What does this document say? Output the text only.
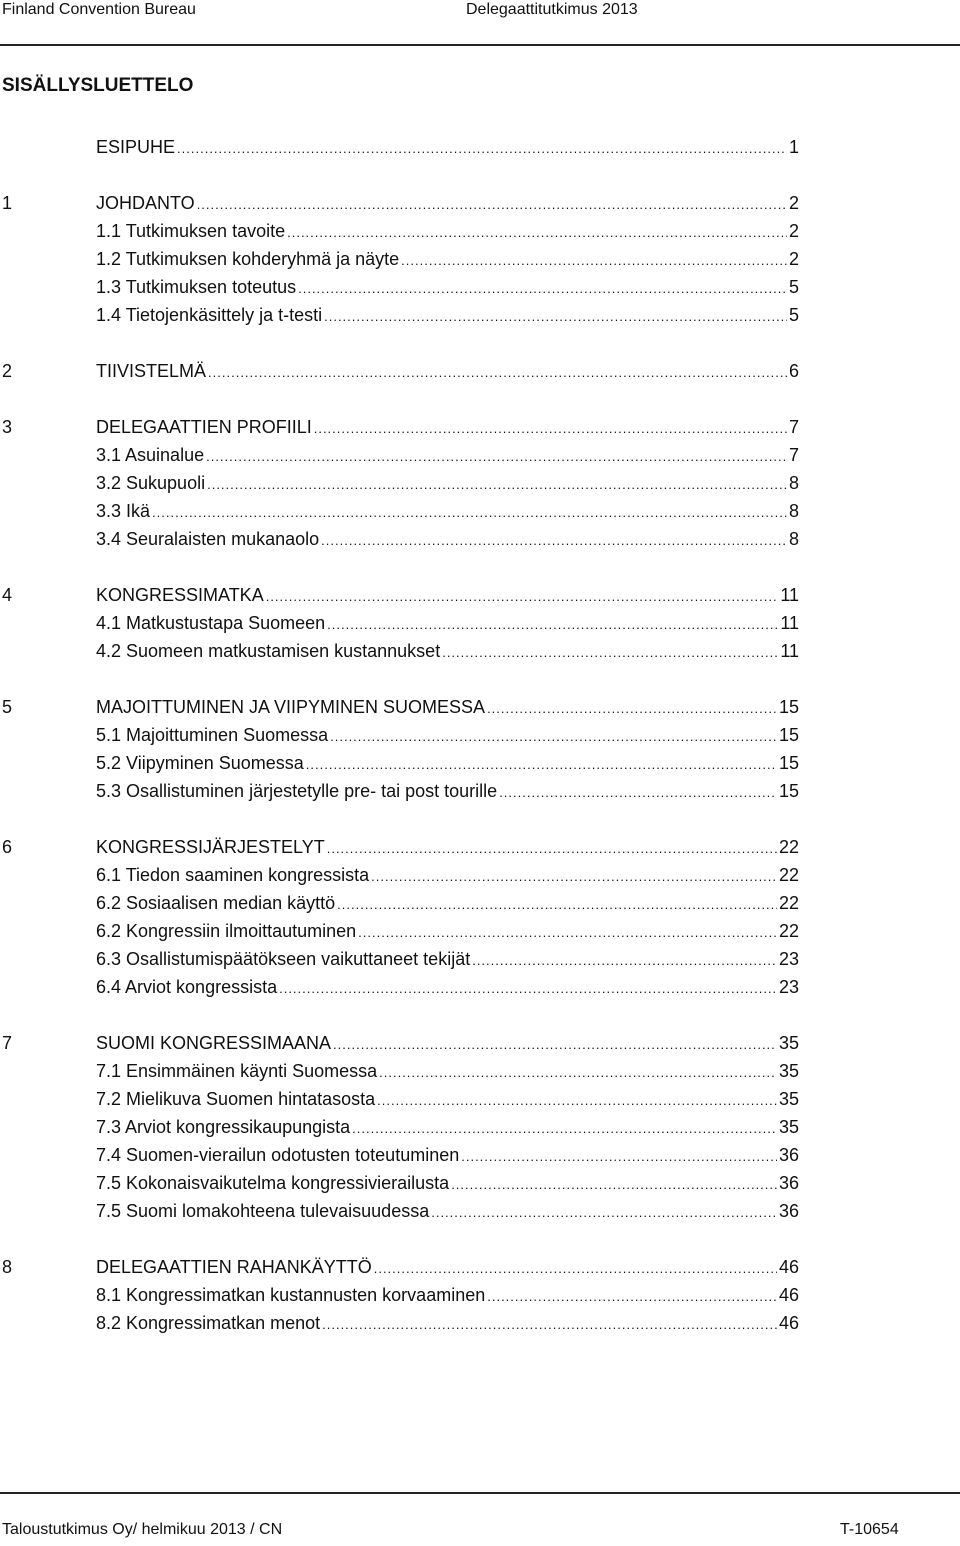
Finland Convention Bureau	Delegaattitutkimus 2013
SISÄLLYSLUETTELO
ESIPUHE .....	1
1	JOHDANTO .....	2
1.1 Tutkimuksen tavoite .....	2
1.2 Tutkimuksen kohderyhmä ja näyte .....	2
1.3 Tutkimuksen toteutus .....	5
1.4 Tietojenkäsittely ja t-testi .....	5
2	TIIVISTELMÄ .....	6
3	DELEGAATTIEN PROFIILI .....	7
3.1 Asuinalue .....	7
3.2 Sukupuoli .....	8
3.3 Ikä .....	8
3.4 Seuralaisten mukanaolo .....	8
4	KONGRESSIMATKA .....	11
4.1 Matkustustapa Suomeen .....	11
4.2 Suomeen matkustamisen kustannukset .....	11
5	MAJOITTUMINEN JA VIIPYMINEN SUOMESSA .....	15
5.1 Majoittuminen Suomessa .....	15
5.2 Viipyminen Suomessa .....	15
5.3 Osallistuminen järjestetylle pre- tai post tourille .....	15
6	KONGRESSIJÄRJESTELYT .....	22
6.1 Tiedon saaminen kongressista .....	22
6.2 Sosiaalisen median käyttö .....	22
6.2 Kongressiin ilmoittautuminen .....	22
6.3 Osallistumispäätökseen vaikuttaneet tekijät .....	23
6.4 Arviot kongressista .....	23
7	SUOMI KONGRESSIMAANA .....	35
7.1 Ensimmäinen käynti Suomessa .....	35
7.2 Mielikuva Suomen hintatasosta .....	35
7.3 Arviot kongressikaupungista .....	35
7.4 Suomen-vierailun odotusten toteutuminen .....	36
7.5 Kokonaisvaikutelma kongressivierailusta .....	36
7.5 Suomi lomakohteena tulevaisuudessa .....	36
8	DELEGAATTIEN RAHANKÄYTTÖ .....	46
8.1 Kongressimatkan kustannusten korvaaminen .....	46
8.2 Kongressimatkan menot .....	46
Taloustutkimus Oy/ helmikuu 2013 / CN	T-10654
